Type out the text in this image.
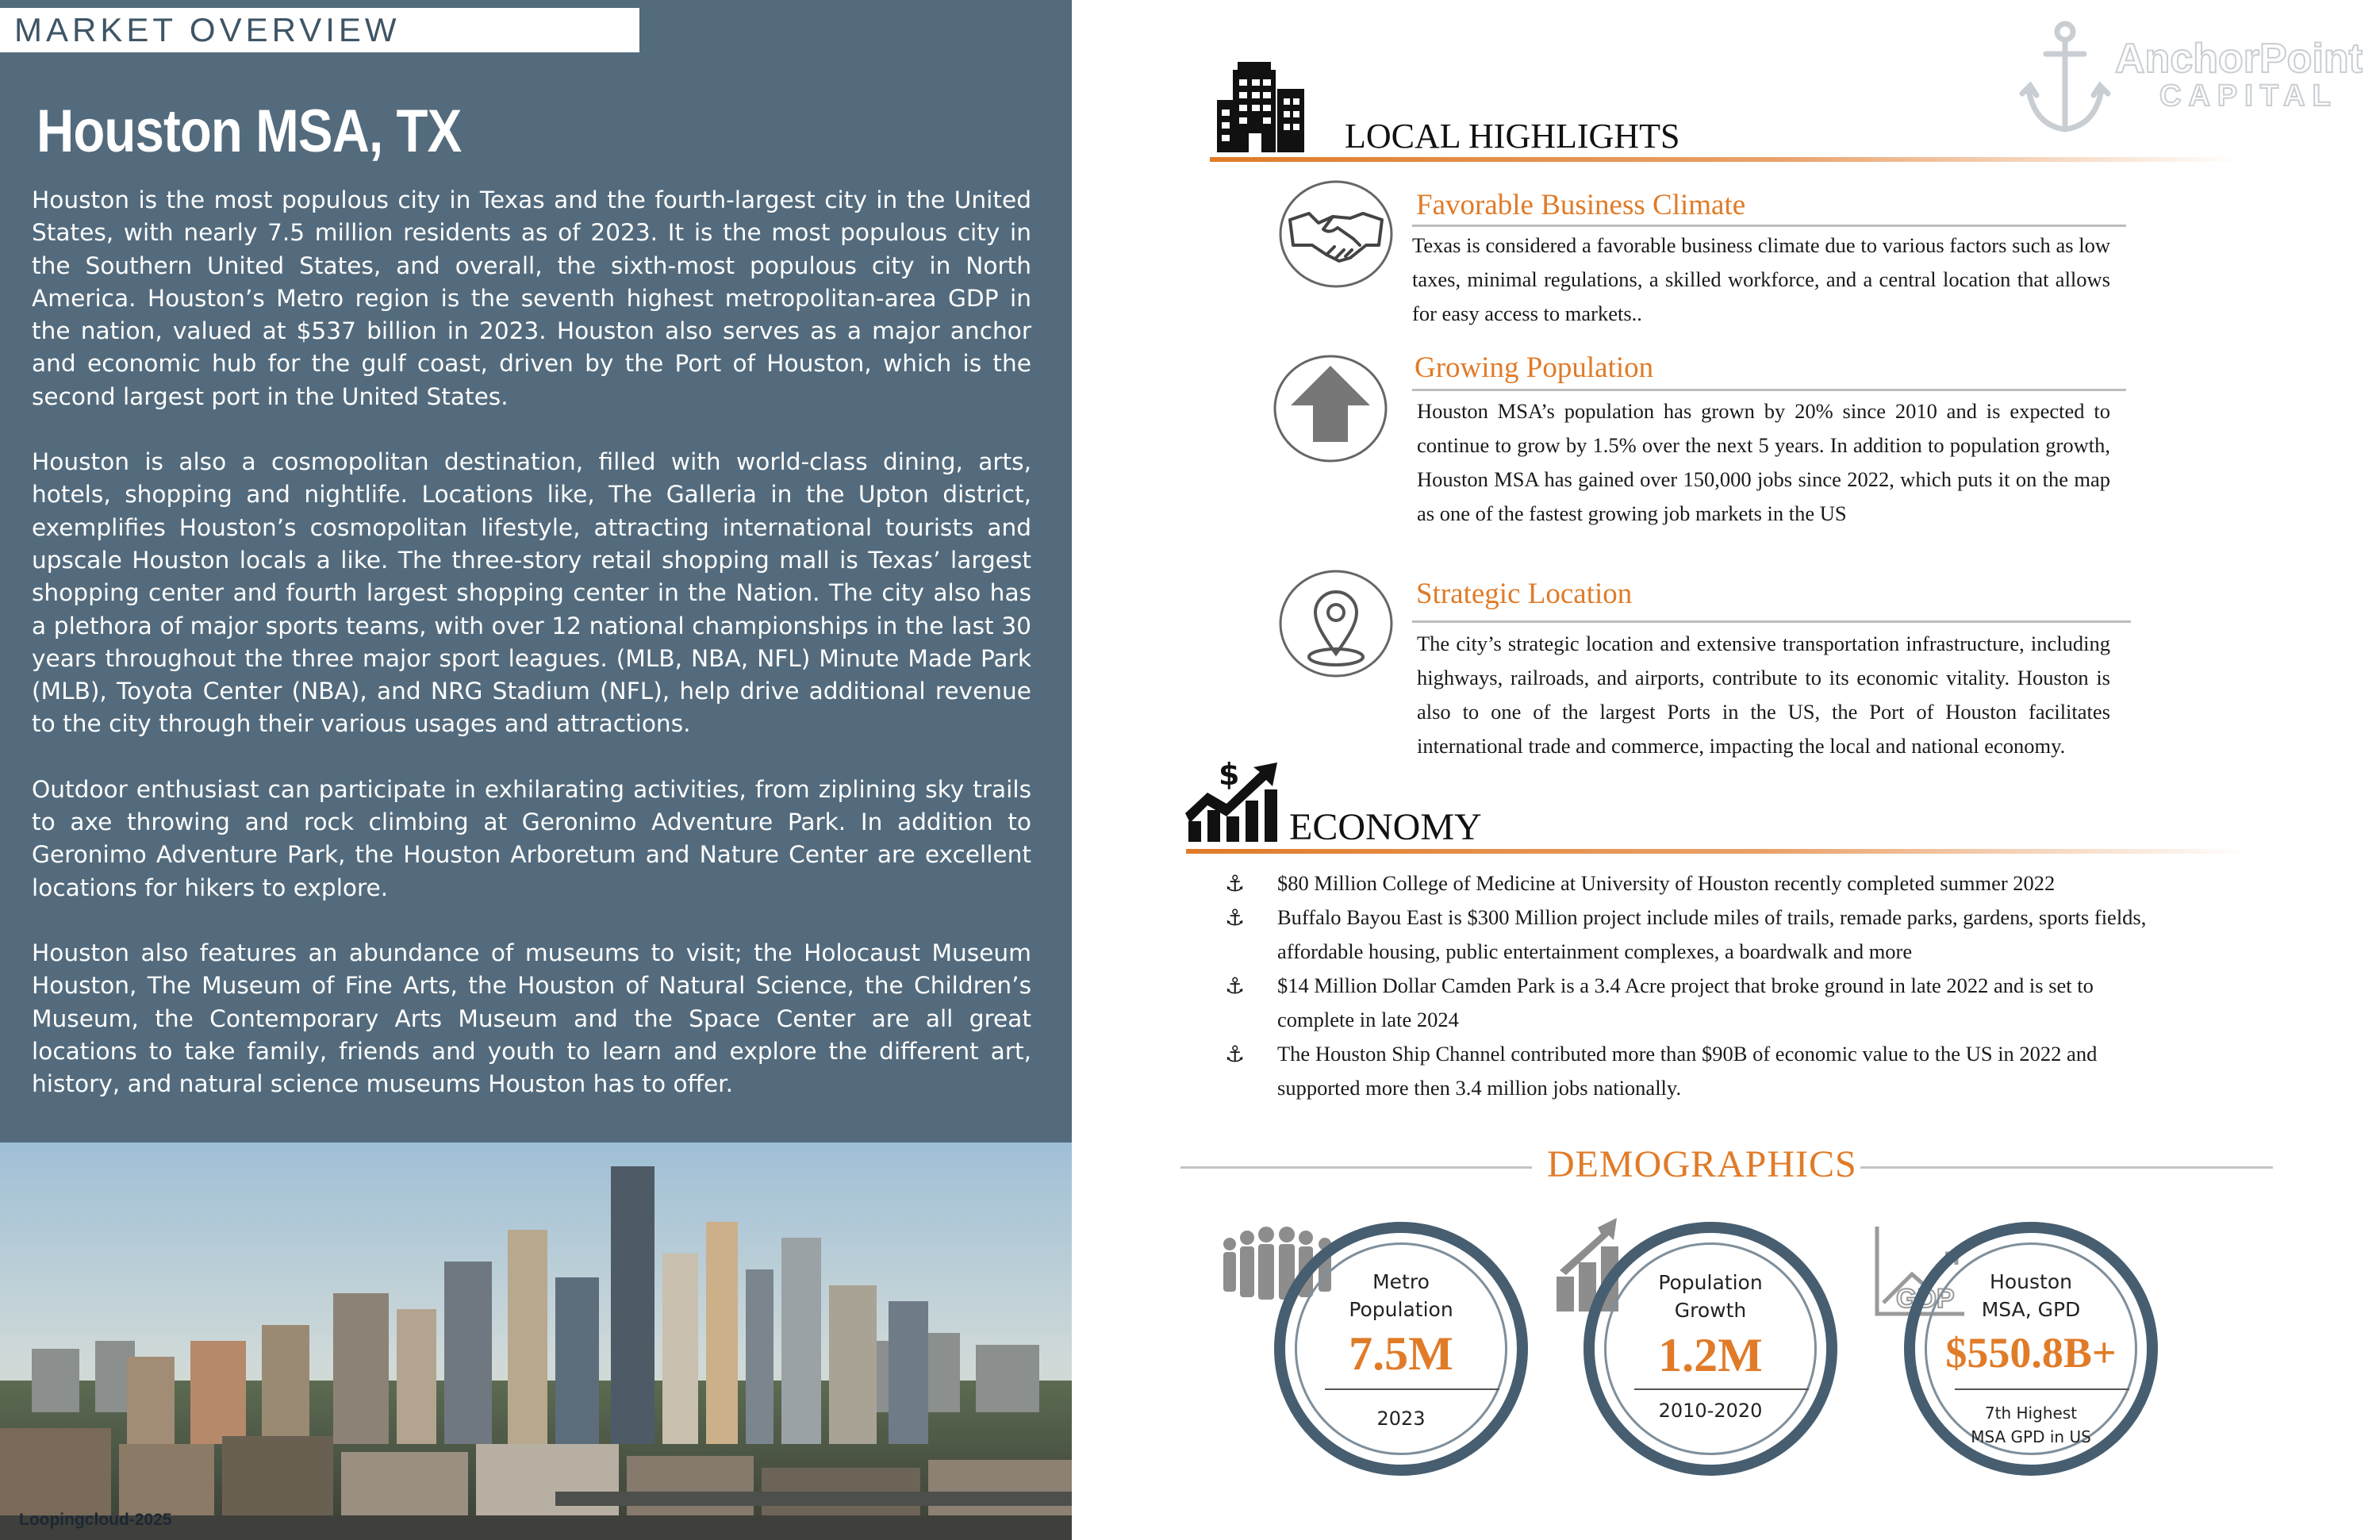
MARKET OVERVIEW
Houston MSA, TX

Houston is the most populous city in Texas and the fourth-largest city in the United States, with nearly 7.5 million residents as of 2023. It is the most populous city in the Southern United States, and overall, the sixth-most populous city in North America. Houston’s Metro region is the seventh highest metropolitan-area GDP in the nation, valued at $537 billion in 2023. Houston also serves as a major anchor and economic hub for the gulf coast, driven by the Port of Houston, which is the second largest port in the United States.

Houston is also a cosmopolitan destination, filled with world-class dining, arts, hotels, shopping and nightlife. Locations like, The Galleria in the Upton district, exemplifies Houston’s cosmopolitan lifestyle, attracting international tourists and upscale Houston locals a like. The three-story retail shopping mall is Texas’ largest shopping center and fourth largest shopping center in the Nation. The city also has a plethora of major sports teams, with over 12 national championships in the last 30 years throughout the three major sport leagues. (MLB, NBA, NFL) Minute Made Park (MLB), Toyota Center (NBA), and NRG Stadium (NFL), help drive additional revenue to the city through their various usages and attractions.

Outdoor enthusiast can participate in exhilarating activities, from ziplining sky trails to axe throwing and rock climbing at Geronimo Adventure Park. In addition to Geronimo Adventure Park, the Houston Arboretum and Nature Center are excellent locations for hikers to explore.

Houston also features an abundance of museums to visit; the Holocaust Museum Houston, The Museum of Fine Arts, the Houston of Natural Science, the Children’s Museum, the Contemporary Arts Museum and the Space Center are all great locations to take family, friends and youth to learn and explore the different art, history, and natural science museums Houston has to offer.

Loopingcloud-2025
AnchorPoint
CAPITAL
LOCAL HIGHLIGHTS
Favorable Business Climate
Texas is considered a favorable business climate due to various factors such as low taxes, minimal regulations, a skilled workforce, and a central location that allows for easy access to markets..
Growing Population
Houston MSA’s population has grown by 20% since 2010 and is expected to continue to grow by 1.5% over the next 5 years. In addition to population growth, Houston MSA has gained over 150,000 jobs since 2022, which puts it on the map as one of the fastest growing job markets in the US
Strategic Location
The city’s strategic location and extensive transportation infrastructure, including highways, railroads, and airports, contribute to its economic vitality. Houston is also to one of the largest Ports in the US, the Port of Houston facilitates international trade and commerce, impacting the local and national economy.
$
ECONOMY
⚓ $80 Million College of Medicine at University of Houston recently completed summer 2022
⚓ Buffalo Bayou East is $300 Million project include miles of trails, remade parks, gardens, sports fields, affordable housing, public entertainment complexes, a boardwalk and more
⚓ $14 Million Dollar Camden Park is a 3.4 Acre project that broke ground in late 2022 and is set to complete in late 2024
⚓ The Houston Ship Channel contributed more than $90B of economic value to the US in 2022 and supported more then 3.4 million jobs nationally.
DEMOGRAPHICS
Metro
Population
7.5M
2023
Population
Growth
1.2M
2010-2020
GDP
Houston
MSA, GPD
$550.8B+
7th Highest
MSA GPD in US
